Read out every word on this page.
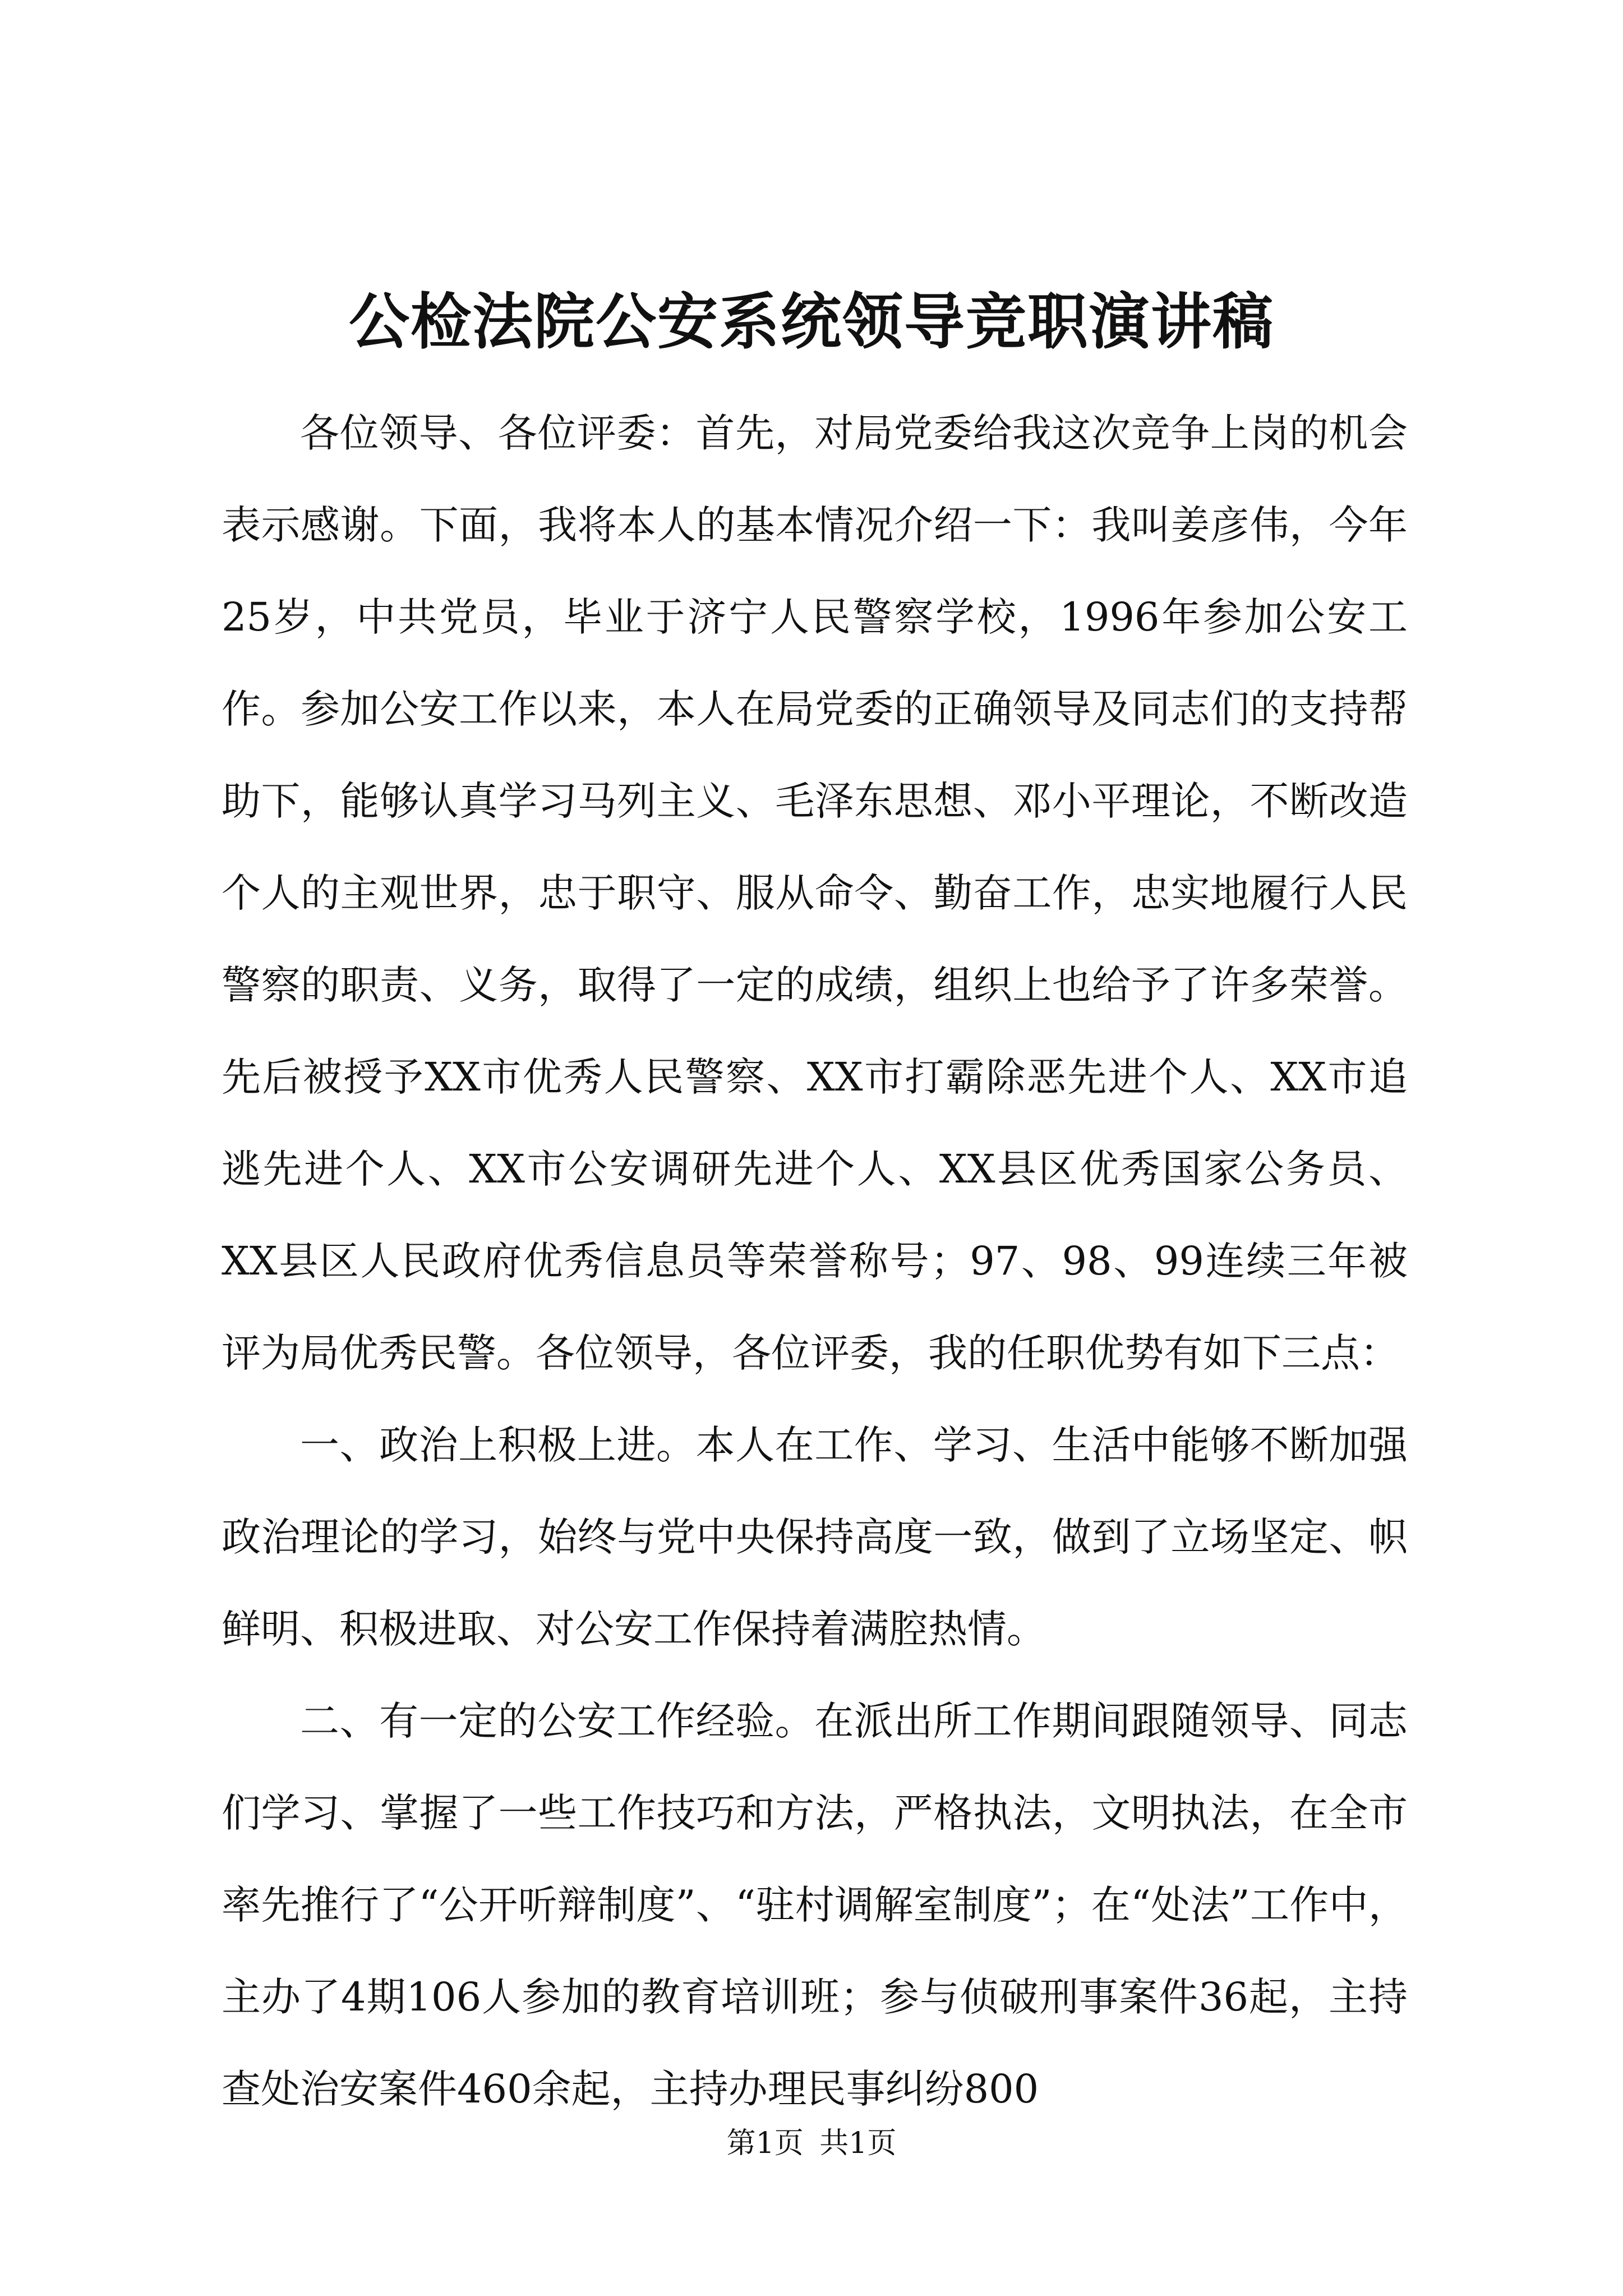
公检法院公安系统领导竞职演讲稿

各位领导、各位评委：首先，对局党委给我这次竞争上岗的机会表示感谢。下面，我将本人的基本情况介绍一下：我叫姜彦伟，今年25岁，中共党员，毕业于济宁人民警察学校，1996年参加公安工作。参加公安工作以来，本人在局党委的正确领导及同志们的支持帮助下，能够认真学习马列主义、毛泽东思想、邓小平理论，不断改造个人的主观世界，忠于职守、服从命令、勤奋工作，忠实地履行人民警察的职责、义务，取得了一定的成绩，组织上也给予了许多荣誉。先后被授予XX市优秀人民警察、XX市打霸除恶先进个人、XX市追逃先进个人、XX市公安调研先进个人、XX县区优秀国家公务员、XX县区人民政府优秀信息员等荣誉称号；97、98、99连续三年被评为局优秀民警。各位领导，各位评委，我的任职优势有如下三点：

一、政治上积极上进。本人在工作、学习、生活中能够不断加强政治理论的学习，始终与党中央保持高度一致，做到了立场坚定、帜鲜明、积极进取、对公安工作保持着满腔热情。

二、有一定的公安工作经验。在派出所工作期间跟随领导、同志们学习、掌握了一些工作技巧和方法，严格执法，文明执法，在全市率先推行了“公开听辩制度”、“驻村调解室制度”；在“处法”工作中，主办了4期106人参加的教育培训班；参与侦破刑事案件36起，主持查处治安案件460余起，主持办理民事纠纷800

第1页 共1页
